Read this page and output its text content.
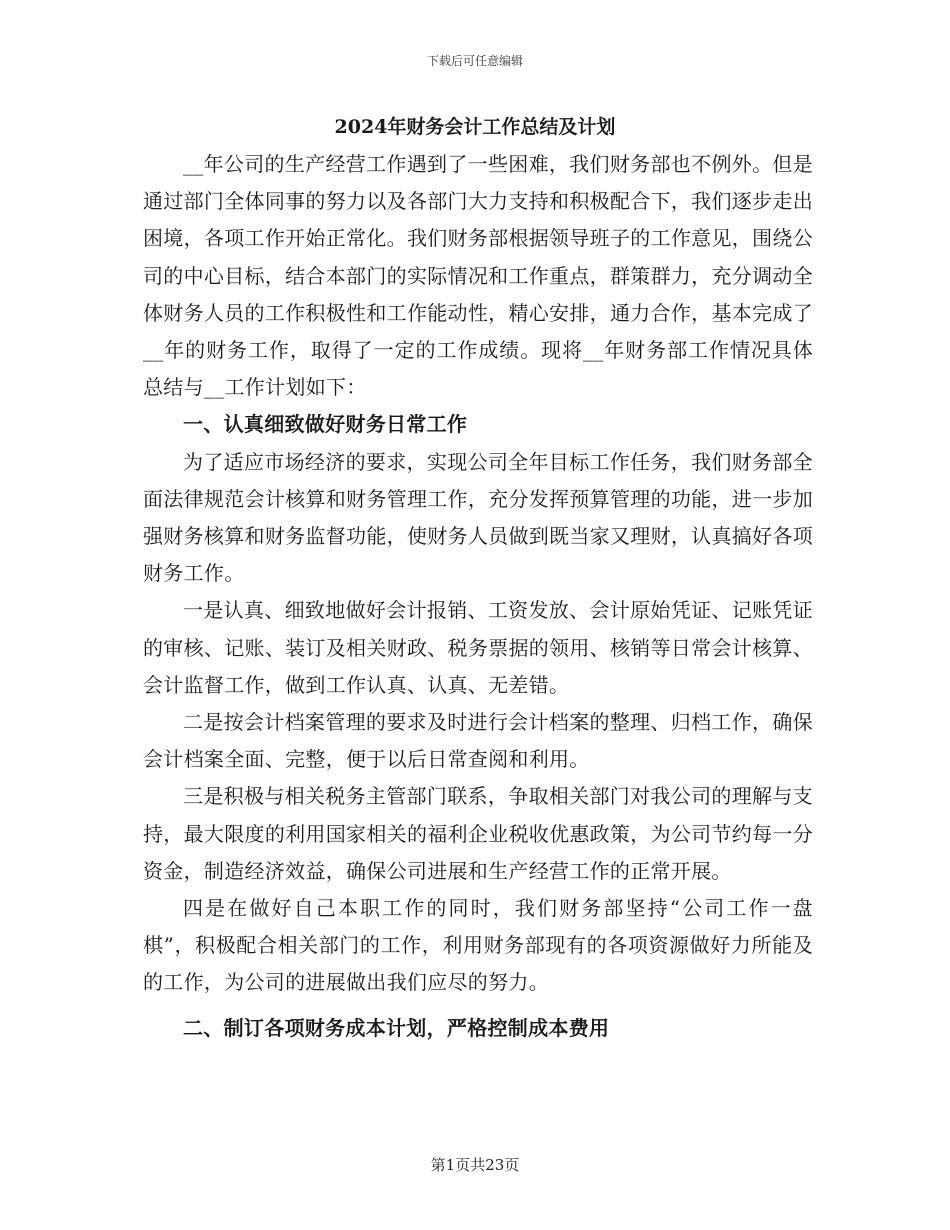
下载后可任意编辑
2024年财务会计工作总结及计划

__年公司的生产经营工作遇到了一些困难，我们财务部也不例外。但是通过部门全体同事的努力以及各部门大力支持和积极配合下，我们逐步走出困境，各项工作开始正常化。我们财务部根据领导班子的工作意见，围绕公司的中心目标，结合本部门的实际情况和工作重点，群策群力，充分调动全体财务人员的工作积极性和工作能动性，精心安排，通力合作，基本完成了__年的财务工作，取得了一定的工作成绩。现将__年财务部工作情况具体总结与__工作计划如下：

一、认真细致做好财务日常工作

为了适应市场经济的要求，实现公司全年目标工作任务，我们财务部全面法律规范会计核算和财务管理工作，充分发挥预算管理的功能，进一步加强财务核算和财务监督功能，使财务人员做到既当家又理财，认真搞好各项财务工作。

一是认真、细致地做好会计报销、工资发放、会计原始凭证、记账凭证的审核、记账、装订及相关财政、税务票据的领用、核销等日常会计核算、会计监督工作，做到工作认真、认真、无差错。

二是按会计档案管理的要求及时进行会计档案的整理、归档工作，确保会计档案全面、完整，便于以后日常查阅和利用。

三是积极与相关税务主管部门联系，争取相关部门对我公司的理解与支持，最大限度的利用国家相关的福利企业税收优惠政策，为公司节约每一分资金，制造经济效益，确保公司进展和生产经营工作的正常开展。

四是在做好自己本职工作的同时，我们财务部坚持“公司工作一盘棋”，积极配合相关部门的工作，利用财务部现有的各项资源做好力所能及的工作，为公司的进展做出我们应尽的努力。

二、制订各项财务成本计划，严格控制成本费用

第1页共23页
